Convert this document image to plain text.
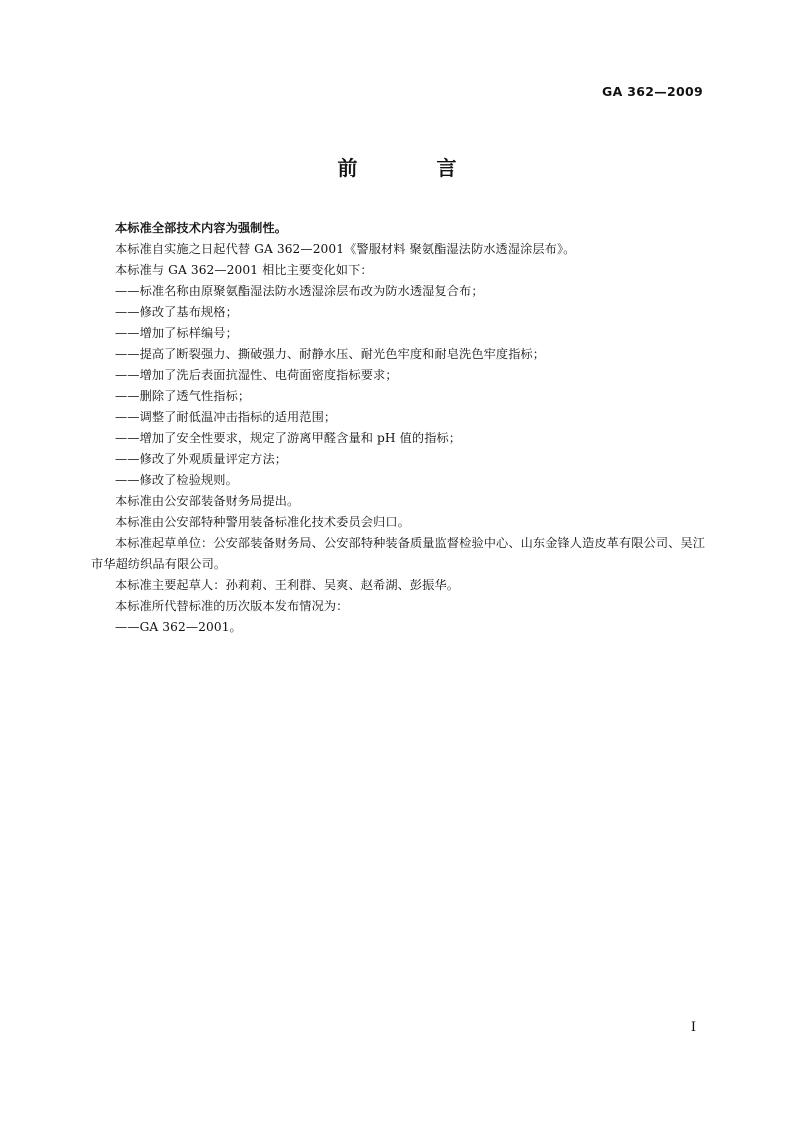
GA 362—2009
前 言

本标准全部技术内容为强制性。

本标准自实施之日起代替 GA 362—2001《警服材料 聚氨酯湿法防水透湿涂层布》。

本标准与 GA 362—2001 相比主要变化如下：

——标准名称由原聚氨酯湿法防水透湿涂层布改为防水透湿复合布；

——修改了基布规格；

——增加了标样编号；

——提高了断裂强力、撕破强力、耐静水压、耐光色牢度和耐皂洗色牢度指标；

——增加了洗后表面抗湿性、电荷面密度指标要求；

——删除了透气性指标；

——调整了耐低温冲击指标的适用范围；

——增加了安全性要求，规定了游离甲醛含量和 pH 值的指标；

——修改了外观质量评定方法；

——修改了检验规则。

本标准由公安部装备财务局提出。

本标准由公安部特种警用装备标准化技术委员会归口。

本标准起草单位：公安部装备财务局、公安部特种装备质量监督检验中心、山东金锋人造皮革有限公司、吴江市华超纺织品有限公司。

本标准主要起草人：孙莉莉、王利群、吴爽、赵希湖、彭振华。

本标准所代替标准的历次版本发布情况为：

——GA 362—2001。

I
